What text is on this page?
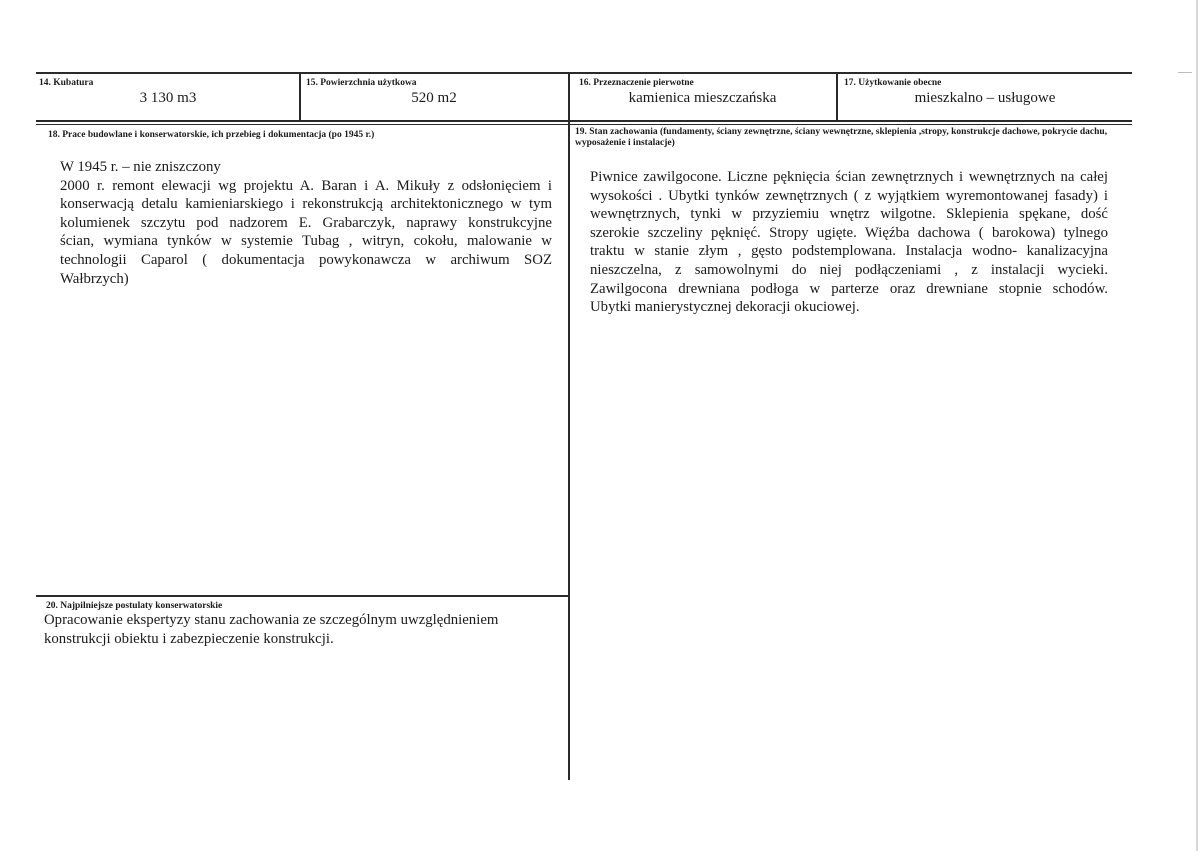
14. Kubatura
3 130 m3
15. Powierzchnia użytkowa
520 m2
16. Przeznaczenie pierwotne
kamienica mieszczańska
17. Użytkowanie obecne
mieszkalno – usługowe
18. Prace budowlane i konserwatorskie, ich przebieg i dokumentacja (po 1945 r.)

W 1945 r. – nie zniszczony

2000 r. remont elewacji wg projektu A. Baran i A. Mikuły z odsłonięciem i

konserwacją detalu kamieniarskiego i rekonstrukcją architektonicznego w tym

kolumienek szczytu pod nadzorem E. Grabarczyk, naprawy konstrukcyjne

ścian, wymiana tynków w systemie Tubag , witryn, cokołu, malowanie w

technologii Caparol ( dokumentacja powykonawcza w archiwum SOZ

Wałbrzych)

19. Stan zachowania (fundamenty, ściany zewnętrzne, ściany wewnętrzne, sklepienia ,stropy, konstrukcje dachowe, pokrycie dachu, wyposażenie i instalacje)

Piwnice zawilgocone. Liczne pęknięcia ścian zewnętrznych i wewnętrznych na całej

wysokości . Ubytki tynków zewnętrznych ( z wyjątkiem wyremontowanej fasady) i

wewnętrznych, tynki w przyziemiu wnętrz wilgotne. Sklepienia spękane, dość

szerokie szczeliny pęknięć. Stropy ugięte. Więźba dachowa ( barokowa) tylnego

traktu w stanie złym , gęsto podstemplowana. Instalacja wodno- kanalizacyjna

nieszczelna, z samowolnymi do niej podłączeniami , z instalacji wycieki.

Zawilgocona drewniana podłoga w parterze oraz drewniane stopnie schodów.

Ubytki manierystycznej dekoracji okuciowej.

20. Najpilniejsze postulaty konserwatorskie

Opracowanie ekspertyzy stanu zachowania ze szczególnym uwzględnieniem

konstrukcji obiektu i zabezpieczenie konstrukcji.
